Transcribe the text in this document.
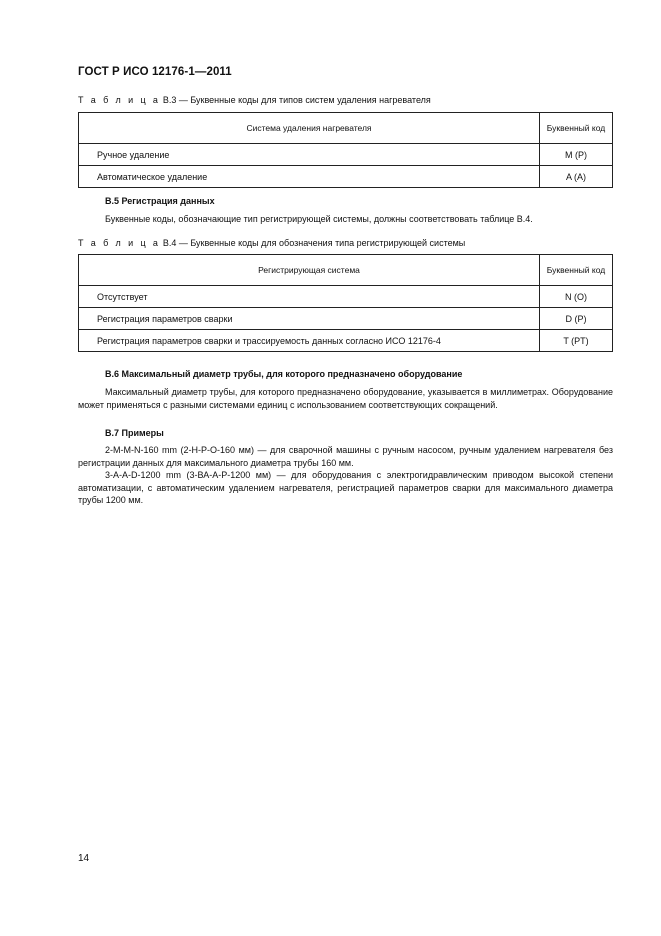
ГОСТ Р ИСО 12176-1—2011
Т а б л и ц а В.3 — Буквенные коды для типов систем удаления нагревателя
Система удаления нагревателя	Буквенный код
Ручное удаление	M (P)
Автоматическое удаление	A (A)
В.5 Регистрация данных
Буквенные коды, обозначающие тип регистрирующей системы, должны соответствовать таблице В.4.
Т а б л и ц а В.4 — Буквенные коды для обозначения типа регистрирующей системы
Регистрирующая система	Буквенный код
Отсутствует	N (O)
Регистрация параметров сварки	D (P)
Регистрация параметров сварки и трассируемость данных согласно ИСО 12176-4	T (PT)
В.6 Максимальный диаметр трубы, для которого предназначено оборудование
Максимальный диаметр трубы, для которого предназначено оборудование, указывается в миллиметрах. Оборудование может применяться с разными системами единиц с использованием соответствующих сокращений.
В.7 Примеры
2-M-M-N-160 mm (2-Н-Р-О-160 мм) — для сварочной машины с ручным насосом, ручным удалением нагревателя без регистрации данных для максимального диаметра трубы 160 мм.
3-A-A-D-1200 mm (3-ВА-А-Р-1200 мм) — для оборудования с электрогидравлическим приводом высокой степени автоматизации, с автоматическим удалением нагревателя, регистрацией параметров сварки для максимального диаметра трубы 1200 мм.
14
